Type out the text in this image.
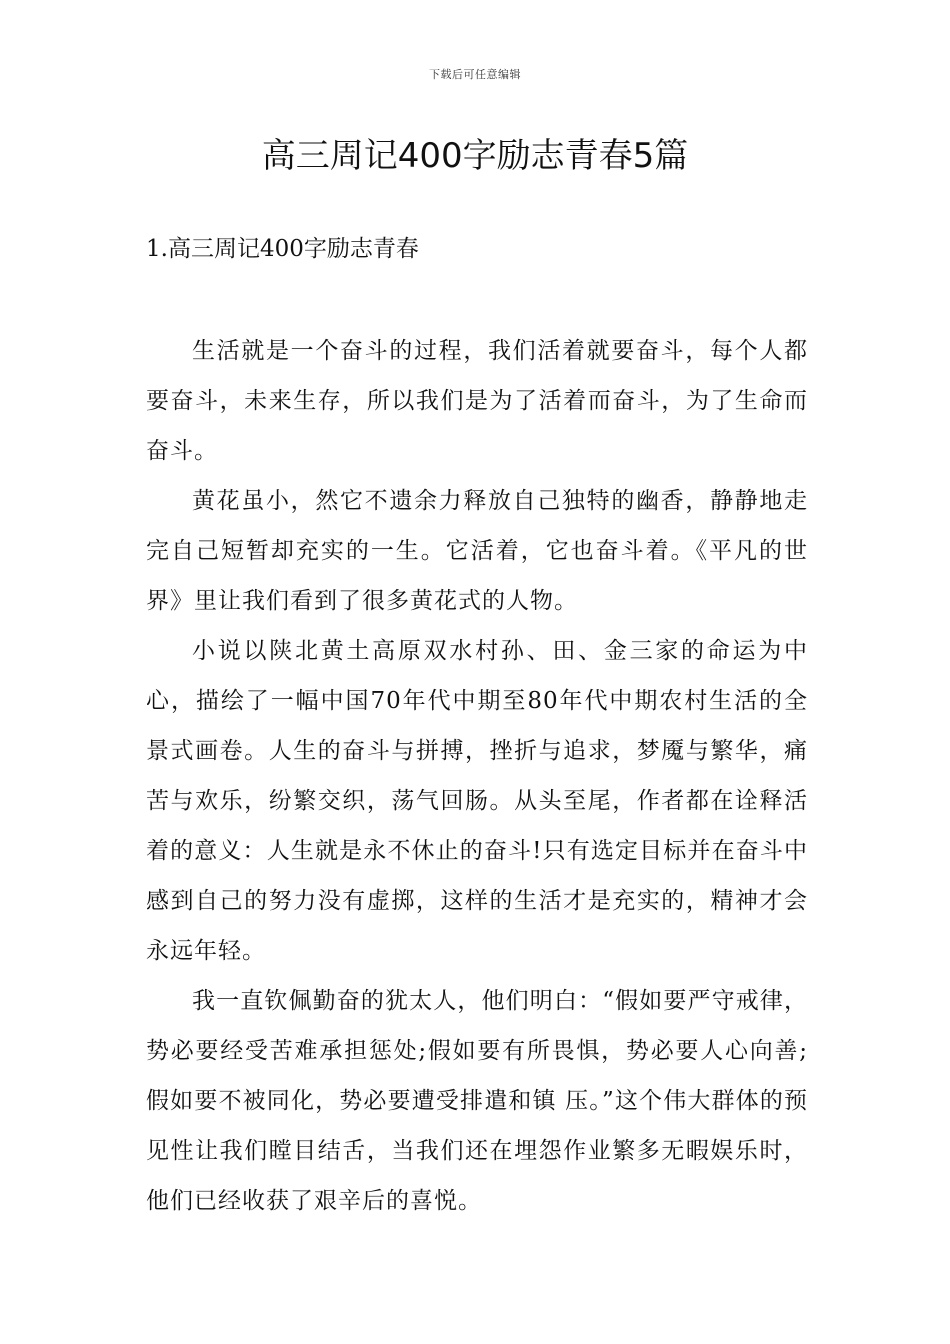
下载后可任意编辑
高三周记400字励志青春5篇
1.高三周记400字励志青春

生活就是一个奋斗的过程，我们活着就要奋斗，每个人都要奋斗，未来生存，所以我们是为了活着而奋斗，为了生命而奋斗。

黄花虽小，然它不遗余力释放自己独特的幽香，静静地走完自己短暂却充实的一生。它活着，它也奋斗着。《平凡的世界》里让我们看到了很多黄花式的人物。

小说以陕北黄土高原双水村孙、田、金三家的命运为中心，描绘了一幅中国70年代中期至80年代中期农村生活的全景式画卷。人生的奋斗与拼搏，挫折与追求，梦魇与繁华，痛苦与欢乐，纷繁交织，荡气回肠。从头至尾，作者都在诠释活着的意义：人生就是永不休止的奋斗!只有选定目标并在奋斗中感到自己的努力没有虚掷，这样的生活才是充实的，精神才会永远年轻。

我一直钦佩勤奋的犹太人，他们明白：“假如要严守戒律，势必要经受苦难承担惩处;假如要有所畏惧，势必要人心向善;假如要不被同化，势必要遭受排遣和镇 压。”这个伟大群体的预见性让我们瞠目结舌，当我们还在埋怨作业繁多无暇娱乐时，他们已经收获了艰辛后的喜悦。
